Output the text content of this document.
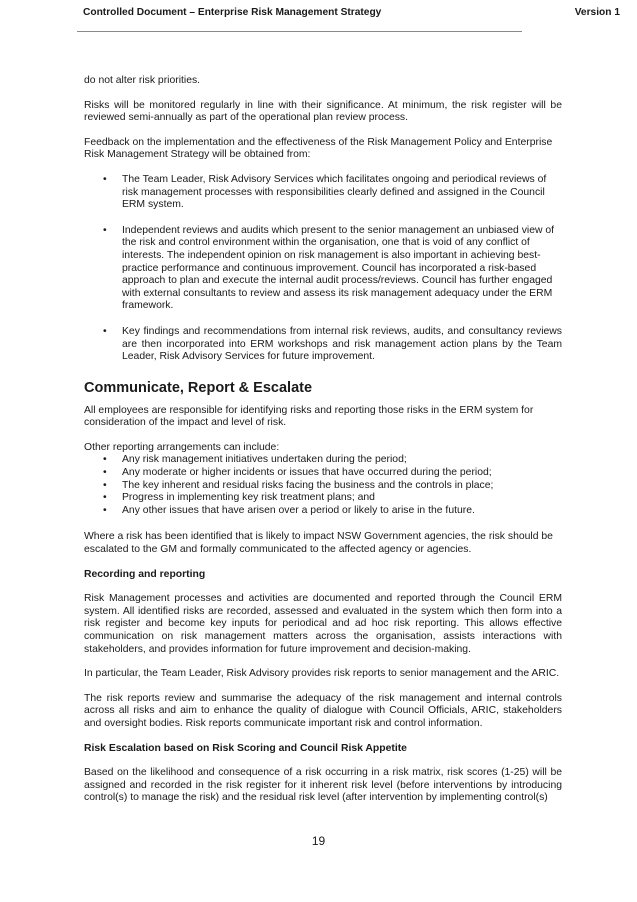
Controlled Document – Enterprise Risk Management Strategy	Version 1

do not alter risk priorities.

Risks will be monitored regularly in line with their significance. At minimum, the risk register will be reviewed semi-annually as part of the operational plan review process.

Feedback on the implementation and the effectiveness of the Risk Management Policy and Enterprise Risk Management Strategy will be obtained from:

• The Team Leader, Risk Advisory Services which facilitates ongoing and periodical reviews of risk management processes with responsibilities clearly defined and assigned in the Council ERM system.
• Independent reviews and audits which present to the senior management an unbiased view of the risk and control environment within the organisation, one that is void of any conflict of interests. The independent opinion on risk management is also important in achieving best-practice performance and continuous improvement. Council has incorporated a risk-based approach to plan and execute the internal audit process/reviews. Council has further engaged with external consultants to review and assess its risk management adequacy under the ERM framework.
• Key findings and recommendations from internal risk reviews, audits, and consultancy reviews are then incorporated into ERM workshops and risk management action plans by the Team Leader, Risk Advisory Services for future improvement.
Communicate, Report & Escalate

All employees are responsible for identifying risks and reporting those risks in the ERM system for consideration of the impact and level of risk.

Other reporting arrangements can include:

• Any risk management initiatives undertaken during the period;
• Any moderate or higher incidents or issues that have occurred during the period;
• The key inherent and residual risks facing the business and the controls in place;
• Progress in implementing key risk treatment plans; and
• Any other issues that have arisen over a period or likely to arise in the future.

Where a risk has been identified that is likely to impact NSW Government agencies, the risk should be escalated to the GM and formally communicated to the affected agency or agencies.

Recording and reporting

Risk Management processes and activities are documented and reported through the Council ERM system. All identified risks are recorded, assessed and evaluated in the system which then form into a risk register and become key inputs for periodical and ad hoc risk reporting. This allows effective communication on risk management matters across the organisation, assists interactions with stakeholders, and provides information for future improvement and decision-making.

In particular, the Team Leader, Risk Advisory provides risk reports to senior management and the ARIC.

The risk reports review and summarise the adequacy of the risk management and internal controls across all risks and aim to enhance the quality of dialogue with Council Officials, ARIC, stakeholders and oversight bodies. Risk reports communicate important risk and control information.

Risk Escalation based on Risk Scoring and Council Risk Appetite

Based on the likelihood and consequence of a risk occurring in a risk matrix, risk scores (1-25) will be assigned and recorded in the risk register for it inherent risk level (before interventions by introducing control(s) to manage the risk) and the residual risk level (after intervention by implementing control(s)

19
